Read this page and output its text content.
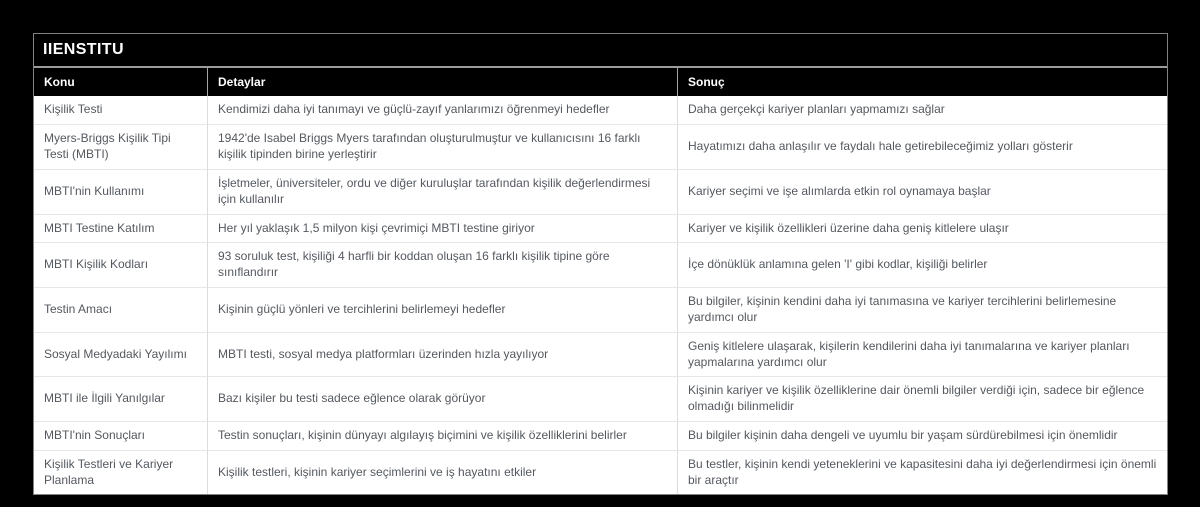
IIENSTITU		
Konu	Detaylar	Sonuç
Kişilik Testi	Kendimizi daha iyi tanımayı ve güçlü-zayıf yanlarımızı öğrenmeyi hedefler	Daha gerçekçi kariyer planları yapmamızı sağlar
Myers-Briggs Kişilik Tipi Testi (MBTI)	1942'de Isabel Briggs Myers tarafından oluşturulmuştur ve kullanıcısını 16 farklı kişilik tipinden birine yerleştirir	Hayatımızı daha anlaşılır ve faydalı hale getirebileceğimiz yolları gösterir
MBTI'nin Kullanımı	İşletmeler, üniversiteler, ordu ve diğer kuruluşlar tarafından kişilik değerlendirmesi için kullanılır	Kariyer seçimi ve işe alımlarda etkin rol oynamaya başlar
MBTI Testine Katılım	Her yıl yaklaşık 1,5 milyon kişi çevrimiçi MBTI testine giriyor	Kariyer ve kişilik özellikleri üzerine daha geniş kitlelere ulaşır
MBTI Kişilik Kodları	93 soruluk test, kişiliği 4 harfli bir koddan oluşan 16 farklı kişilik tipine göre sınıflandırır	İçe dönüklük anlamına gelen 'I' gibi kodlar, kişiliği belirler
Testin Amacı	Kişinin güçlü yönleri ve tercihlerini belirlemeyi hedefler	Bu bilgiler, kişinin kendini daha iyi tanımasına ve kariyer tercihlerini belirlemesine yardımcı olur
Sosyal Medyadaki Yayılımı	MBTI testi, sosyal medya platformları üzerinden hızla yayılıyor	Geniş kitlelere ulaşarak, kişilerin kendilerini daha iyi tanımalarına ve kariyer planları yapmalarına yardımcı olur
MBTI ile İlgili Yanılgılar	Bazı kişiler bu testi sadece eğlence olarak görüyor	Kişinin kariyer ve kişilik özelliklerine dair önemli bilgiler verdiği için, sadece bir eğlence olmadığı bilinmelidir
MBTI'nin Sonuçları	Testin sonuçları, kişinin dünyayı algılayış biçimini ve kişilik özelliklerini belirler	Bu bilgiler kişinin daha dengeli ve uyumlu bir yaşam sürdürebilmesi için önemlidir
Kişilik Testleri ve Kariyer Planlama	Kişilik testleri, kişinin kariyer seçimlerini ve iş hayatını etkiler	Bu testler, kişinin kendi yeteneklerini ve kapasitesini daha iyi değerlendirmesi için önemli bir araçtır
